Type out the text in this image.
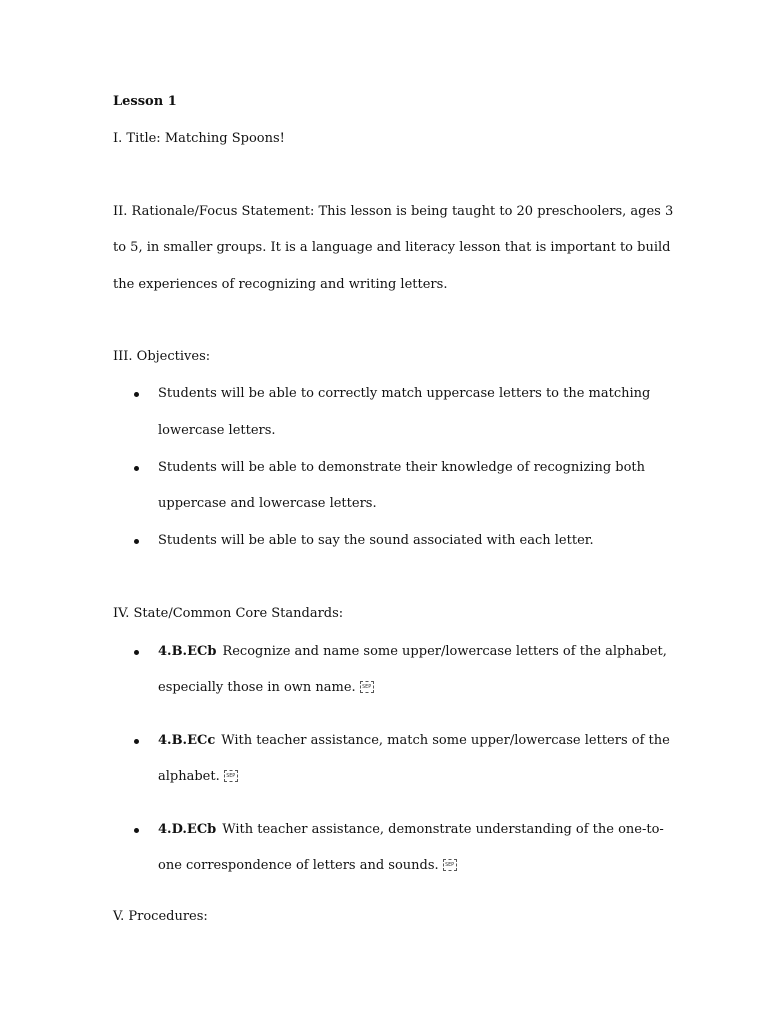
Lesson 1
I. Title: Matching Spoons!
II. Rationale/Focus Statement: This lesson is being taught to 20 preschoolers, ages 3
to 5, in smaller groups. It is a language and literacy lesson that is important to build
the experiences of recognizing and writing letters.
III. Objectives:
Students will be able to correctly match uppercase letters to the matching
lowercase letters.
Students will be able to demonstrate their knowledge of recognizing both
uppercase and lowercase letters.
Students will be able to say the sound associated with each letter.
IV. State/Common Core Standards:
4.B.ECb Recognize and name some upper/lowercase letters of the alphabet,
especially those in own name. SEP
4.B.ECc With teacher assistance, match some upper/lowercase letters of the
alphabet. SEP
4.D.ECb With teacher assistance, demonstrate understanding of the one-to-
one correspondence of letters and sounds. SEP
V. Procedures:
